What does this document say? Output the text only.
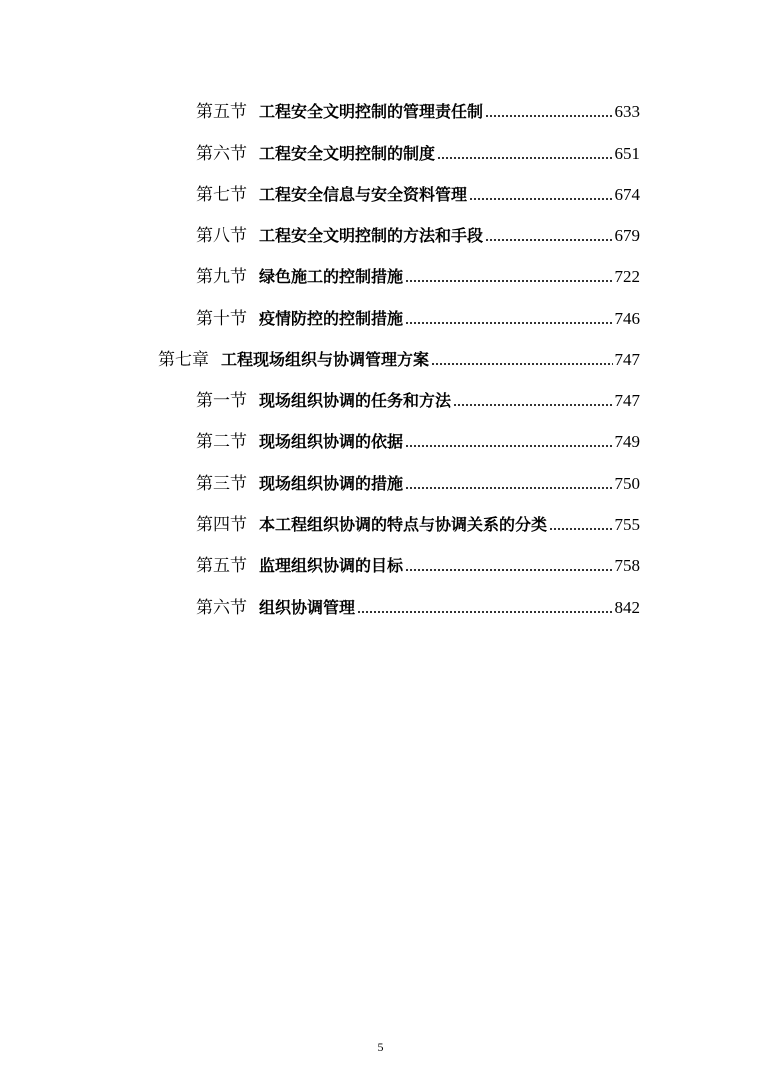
第五节 工程安全文明控制的管理责任制	633
第六节 工程安全文明控制的制度	651
第七节 工程安全信息与安全资料管理	674
第八节 工程安全文明控制的方法和手段	679
第九节 绿色施工的控制措施	722
第十节 疫情防控的控制措施	746
第七章 工程现场组织与协调管理方案	747
第一节 现场组织协调的任务和方法	747
第二节 现场组织协调的依据	749
第三节 现场组织协调的措施	750
第四节 本工程组织协调的特点与协调关系的分类	755
第五节 监理组织协调的目标	758
第六节 组织协调管理	842
5
